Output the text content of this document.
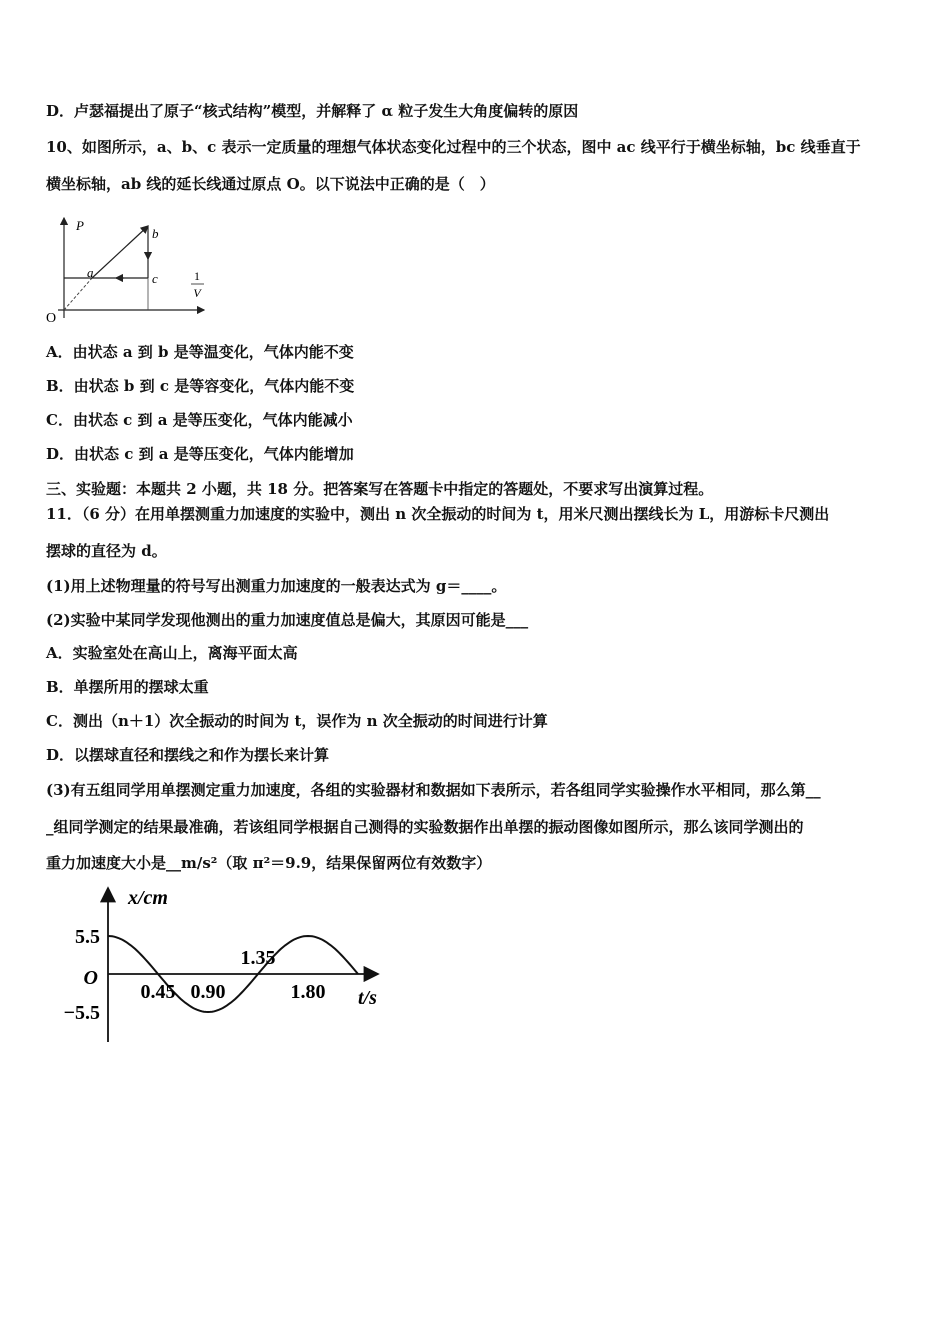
D．卢瑟福提出了原子“核式结构”模型，并解释了 α 粒子发生大角度偏转的原因
10、如图所示，a、b、c 表示一定质量的理想气体状态变化过程中的三个状态，图中 ac 线平行于横坐标轴，bc 线垂直于
横坐标轴，ab 线的延长线通过原点 O。以下说法中正确的是（　）
P
b
a	c	1
V
O
A．由状态 a 到 b 是等温变化，气体内能不变
B．由状态 b 到 c 是等容变化，气体内能不变
C．由状态 c 到 a 是等压变化，气体内能减小
D．由状态 c 到 a 是等压变化，气体内能增加
三、实验题：本题共 2 小题，共 18 分。把答案写在答题卡中指定的答题处，不要求写出演算过程。
11．（6 分）在用单摆测重力加速度的实验中，测出 n 次全振动的时间为 t，用米尺测出摆线长为 L，用游标卡尺测出
摆球的直径为 d。
(1)用上述物理量的符号写出测重力加速度的一般表达式为 g＝____。
(2)实验中某同学发现他测出的重力加速度值总是偏大，其原因可能是___
A．实验室处在高山上，离海平面太高
B．单摆所用的摆球太重
C．测出（n＋1）次全振动的时间为 t，误作为 n 次全振动的时间进行计算
D．以摆球直径和摆线之和作为摆长来计算
(3)有五组同学用单摆测定重力加速度，各组的实验器材和数据如下表所示，若各组同学实验操作水平相同，那么第__
_组同学测定的结果最准确，若该组同学根据自己测得的实验数据作出单摆的振动图像如图所示，那么该同学测出的
重力加速度大小是__m/s²（取 π²＝9.9，结果保留两位有效数字）
x/cm
O
t/s
0.45 0.90
1.35
1.80
5.5
−5.5
